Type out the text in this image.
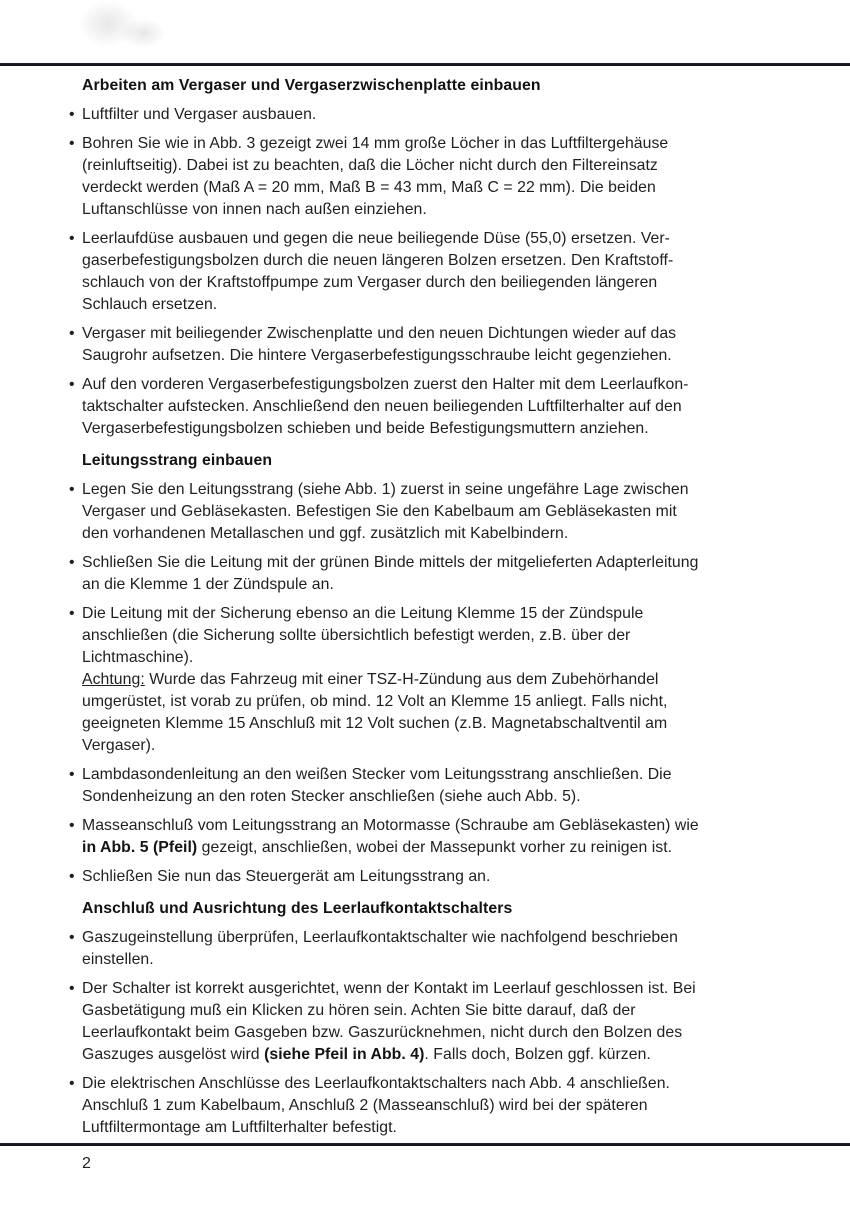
Arbeiten am Vergaser und Vergaserzwischenplatte einbauen
• Luftfilter und Vergaser ausbauen.
• Bohren Sie wie in Abb. 3 gezeigt zwei 14 mm große Löcher in das Luftfiltergehäuse
(reinluftseitig). Dabei ist zu beachten, daß die Löcher nicht durch den Filtereinsatz
verdeckt werden (Maß A = 20 mm, Maß B = 43 mm, Maß C = 22 mm). Die beiden
Luftanschlüsse von innen nach außen einziehen.
• Leerlaufdüse ausbauen und gegen die neue beiliegende Düse (55,0) ersetzen. Ver-
gaserbefestigungsbolzen durch die neuen längeren Bolzen ersetzen. Den Kraftstoff-
schlauch von der Kraftstoffpumpe zum Vergaser durch den beiliegenden längeren
Schlauch ersetzen.
• Vergaser mit beiliegender Zwischenplatte und den neuen Dichtungen wieder auf das
Saugrohr aufsetzen. Die hintere Vergaserbefestigungsschraube leicht gegenziehen.
• Auf den vorderen Vergaserbefestigungsbolzen zuerst den Halter mit dem Leerlaufkon-
taktschalter aufstecken. Anschließend den neuen beiliegenden Luftfilterhalter auf den
Vergaserbefestigungsbolzen schieben und beide Befestigungsmuttern anziehen.
Leitungsstrang einbauen
• Legen Sie den Leitungsstrang (siehe Abb. 1) zuerst in seine ungefähre Lage zwischen
Vergaser und Gebläsekasten. Befestigen Sie den Kabelbaum am Gebläsekasten mit
den vorhandenen Metallaschen und ggf. zusätzlich mit Kabelbindern.
• Schließen Sie die Leitung mit der grünen Binde mittels der mitgelieferten Adapterleitung
an die Klemme 1 der Zündspule an.
• Die Leitung mit der Sicherung ebenso an die Leitung Klemme 15 der Zündspule
anschließen (die Sicherung sollte übersichtlich befestigt werden, z.B. über der
Lichtmaschine).
Achtung: Wurde das Fahrzeug mit einer TSZ-H-Zündung aus dem Zubehörhandel
umgerüstet, ist vorab zu prüfen, ob mind. 12 Volt an Klemme 15 anliegt. Falls nicht,
geeigneten Klemme 15 Anschluß mit 12 Volt suchen (z.B. Magnetabschaltventil am
Vergaser).
• Lambdasondenleitung an den weißen Stecker vom Leitungsstrang anschließen. Die
Sondenheizung an den roten Stecker anschließen (siehe auch Abb. 5).
• Masseanschluß vom Leitungsstrang an Motormasse (Schraube am Gebläsekasten) wie
in Abb. 5 (Pfeil) gezeigt, anschließen, wobei der Massepunkt vorher zu reinigen ist.
• Schließen Sie nun das Steuergerät am Leitungsstrang an.
Anschluß und Ausrichtung des Leerlaufkontaktschalters
• Gaszugeinstellung überprüfen, Leerlaufkontaktschalter wie nachfolgend beschrieben
einstellen.
• Der Schalter ist korrekt ausgerichtet, wenn der Kontakt im Leerlauf geschlossen ist. Bei
Gasbetätigung muß ein Klicken zu hören sein. Achten Sie bitte darauf, daß der
Leerlaufkontakt beim Gasgeben bzw. Gaszurücknehmen, nicht durch den Bolzen des
Gaszuges ausgelöst wird (siehe Pfeil in Abb. 4). Falls doch, Bolzen ggf. kürzen.
• Die elektrischen Anschlüsse des Leerlaufkontaktschalters nach Abb. 4 anschließen.
Anschluß 1 zum Kabelbaum, Anschluß 2 (Masseanschluß) wird bei der späteren
Luftfiltermontage am Luftfilterhalter befestigt.
2
